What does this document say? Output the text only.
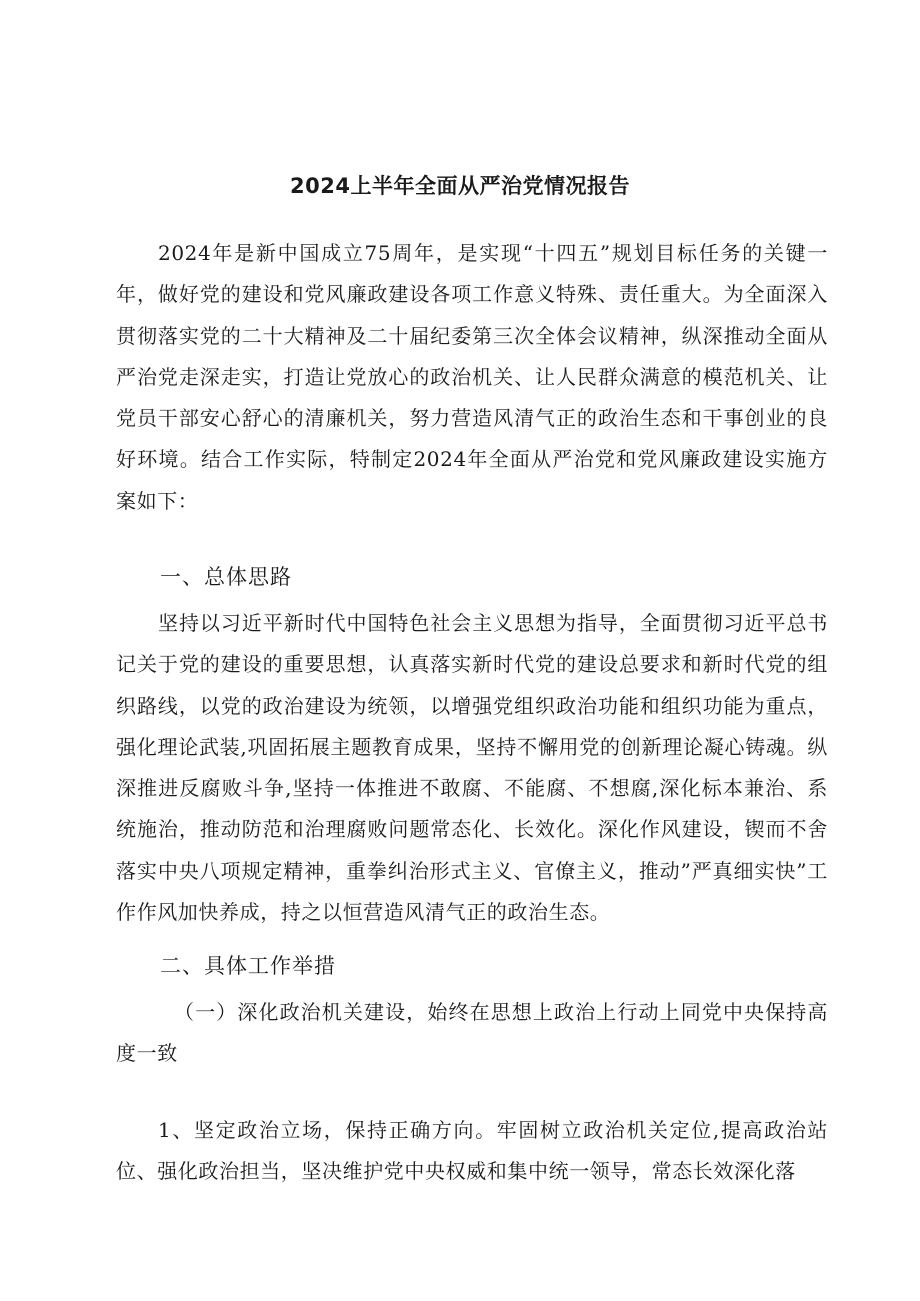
2024上半年全面从严治党情况报告

2024年是新中国成立75周年，是实现“十四五”规划目标任务的关键一年，做好党的建设和党风廉政建设各项工作意义特殊、责任重大。为全面深入贯彻落实党的二十大精神及二十届纪委第三次全体会议精神，纵深推动全面从严治党走深走实，打造让党放心的政治机关、让人民群众满意的模范机关、让党员干部安心舒心的清廉机关，努力营造风清气正的政治生态和干事创业的良好环境。结合工作实际，特制定2024年全面从严治党和党风廉政建设实施方案如下：

一、总体思路

坚持以习近平新时代中国特色社会主义思想为指导，全面贯彻习近平总书记关于党的建设的重要思想，认真落实新时代党的建设总要求和新时代党的组织路线，以党的政治建设为统领，以增强党组织政治功能和组织功能为重点，强化理论武装,巩固拓展主题教育成果，坚持不懈用党的创新理论凝心铸魂。纵深推进反腐败斗争,坚持一体推进不敢腐、不能腐、不想腐,深化标本兼治、系统施治，推动防范和治理腐败问题常态化、长效化。深化作风建设，锲而不舍落实中央八项规定精神，重拳纠治形式主义、官僚主义，推动”严真细实快”工作作风加快养成，持之以恒营造风清气正的政治生态。

二、具体工作举措

（一）深化政治机关建设，始终在思想上政治上行动上同党中央保持高度一致

1、坚定政治立场，保持正确方向。牢固树立政治机关定位,提高政治站位、强化政治担当，坚决维护党中央权威和集中统一领导，常态长效深化落
